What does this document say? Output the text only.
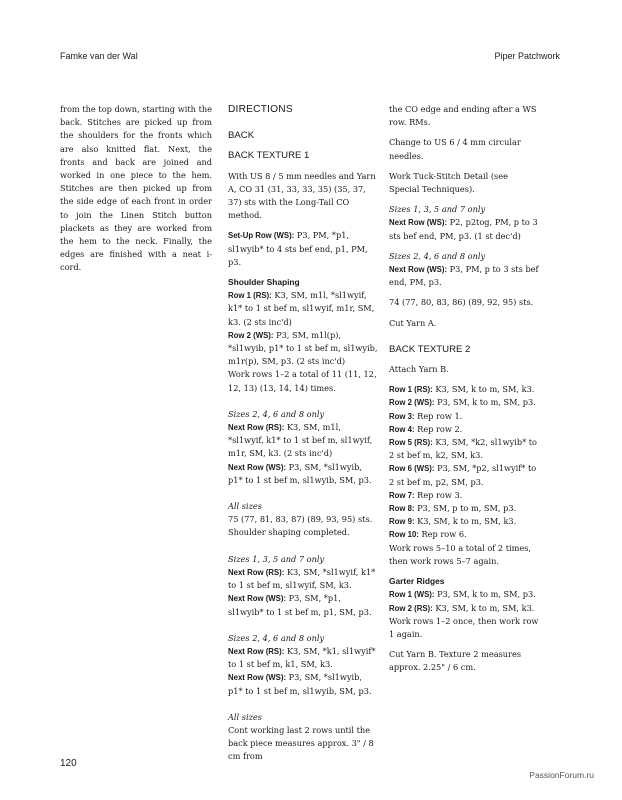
Famke van der Wal	Piper Patchwork

from the top down, starting with the back. Stitches are picked up from the shoulders for the fronts which are also knitted flat. Next, the fronts and back are joined and worked in one piece to the hem. Stitches are then picked up from the side edge of each front in order to join the Linen Stitch button plackets as they are worked from the hem to the neck. Finally, the edges are finished with a neat i-cord.

DIRECTIONS

BACK

BACK TEXTURE 1

With US 8 / 5 mm needles and Yarn A, CO 31 (31, 33, 33, 35) (35, 37, 37) sts with the Long-Tail CO method.

Set-Up Row (WS): P3, PM, *p1, sl1wyib* to 4 sts bef end, p1, PM, p3.

Shoulder Shaping

Row 1 (RS): K3, SM, m1l, *sl1wyif, k1* to 1 st bef m, sl1wyif, m1r, SM, k3. (2 sts inc'd)

Row 2 (WS): P3, SM, m1l(p), *sl1wyib, p1* to 1 st bef m, sl1wyib, m1r(p), SM, p3. (2 sts inc'd)

Work rows 1–2 a total of 11 (11, 12, 12, 13) (13, 14, 14) times.

Sizes 2, 4, 6 and 8 only

Next Row (RS): K3, SM, m1l, *sl1wyif, k1* to 1 st bef m, sl1wyif, m1r, SM, k3. (2 sts inc'd)

Next Row (WS): P3, SM, *sl1wyib, p1* to 1 st bef m, sl1wyib, SM, p3.

All sizes

75 (77, 81, 83, 87) (89, 93, 95) sts.

Shoulder shaping completed.

Sizes 1, 3, 5 and 7 only

Next Row (RS): K3, SM, *sl1wyif, k1* to 1 st bef m, sl1wyif, SM, k3.

Next Row (WS): P3, SM, *p1, sl1wyib* to 1 st bef m, p1, SM, p3.

Sizes 2, 4, 6 and 8 only

Next Row (RS): K3, SM, *k1, sl1wyif* to 1 st bef m, k1, SM, k3.

Next Row (WS): P3, SM, *sl1wyib, p1* to 1 st bef m, sl1wyib, SM, p3.

All sizes

Cont working last 2 rows until the back piece measures approx. 3" / 8 cm from

the CO edge and ending after a WS row. RMs.

Change to US 6 / 4 mm circular needles.

Work Tuck-Stitch Detail (see Special Techniques).

Sizes 1, 3, 5 and 7 only

Next Row (WS): P2, p2tog, PM, p to 3 sts bef end, PM, p3. (1 st dec'd)

Sizes 2, 4, 6 and 8 only

Next Row (WS): P3, PM, p to 3 sts bef end, PM, p3.

74 (77, 80, 83, 86) (89, 92, 95) sts.

Cut Yarn A.

BACK TEXTURE 2

Attach Yarn B.

Row 1 (RS): K3, SM, k to m, SM, k3.

Row 2 (WS): P3, SM, k to m, SM, p3.

Row 3: Rep row 1.

Row 4: Rep row 2.

Row 5 (RS): K3, SM, *k2, sl1wyib* to 2 st bef m, k2, SM, k3.

Row 6 (WS): P3, SM, *p2, sl1wyif* to 2 st bef m, p2, SM, p3.

Row 7: Rep row 3.

Row 8: P3, SM, p to m, SM, p3.

Row 9: K3, SM, k to m, SM, k3.

Row 10: Rep row 6.

Work rows 5–10 a total of 2 times, then work rows 5–7 again.

Garter Ridges

Row 1 (WS): P3, SM, k to m, SM, p3.

Row 2 (RS): K3, SM, k to m, SM, k3.

Work rows 1–2 once, then work row 1 again.

Cut Yarn B. Texture 2 measures approx. 2.25" / 6 cm.

120
PassionForum.ru
